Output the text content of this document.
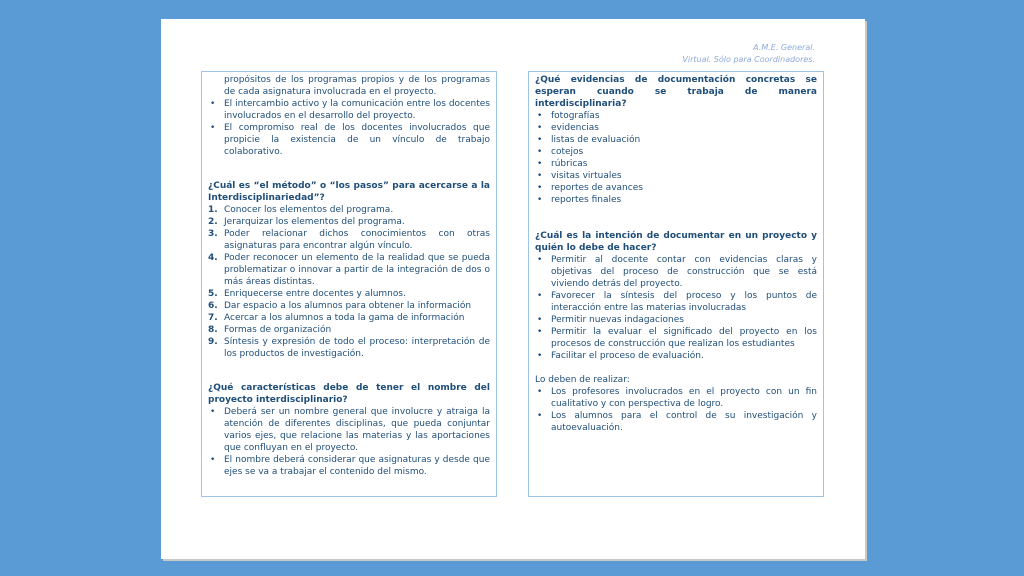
A.M.E. General.
Virtual. Sólo para Coordinadores.
propósitos de los programas propios y de los programas de cada asignatura involucrada en el proyecto.
• El intercambio activo y la comunicación entre los docentes involucrados en el desarrollo del proyecto.
• El compromiso real de los docentes involucrados que propicie la existencia de un vínculo de trabajo colaborativo.

¿Cuál es “el método” o “los pasos” para acercarse a la Interdisciplinariedad”?

1. Conocer los elementos del programa.
2. Jerarquizar los elementos del programa.
3. Poder relacionar dichos conocimientos con otras asignaturas para encontrar algún vínculo.
4. Poder reconocer un elemento de la realidad que se pueda problematizar o innovar a partir de la integración de dos o más áreas distintas.
5. Enriquecerse entre docentes y alumnos.
6. Dar espacio a los alumnos para obtener la información
7. Acercar a los alumnos a toda la gama de información
8. Formas de organización
9. Síntesis y expresión de todo el proceso: interpretación de los productos de investigación.

¿Qué características debe de tener el nombre del proyecto interdisciplinario?

• Deberá ser un nombre general que involucre y atraiga la atención de diferentes disciplinas, que pueda conjuntar varios ejes, que relacione las materias y las aportaciones que confluyan en el proyecto.
• El nombre deberá considerar que asignaturas y desde que ejes se va a trabajar el contenido del mismo.

¿Qué evidencias de documentación concretas se esperan cuando se trabaja de manera interdisciplinaria?

• fotografías
• evidencias
• listas de evaluación
• cotejos
• rúbricas
• visitas virtuales
• reportes de avances
• reportes finales

¿Cuál es la intención de documentar en un proyecto y quién lo debe de hacer?

• Permitir al docente contar con evidencias claras y objetivas del proceso de construcción que se está viviendo detrás del proyecto.
• Favorecer la síntesis del proceso y los puntos de interacción entre las materias involucradas
• Permitir nuevas indagaciones
• Permitir la evaluar el significado del proyecto en los procesos de construcción que realizan los estudiantes
• Facilitar el proceso de evaluación.

Lo deben de realizar:

• Los profesores involucrados en el proyecto con un fin cualitativo y con perspectiva de logro.
• Los alumnos para el control de su investigación y autoevaluación.
